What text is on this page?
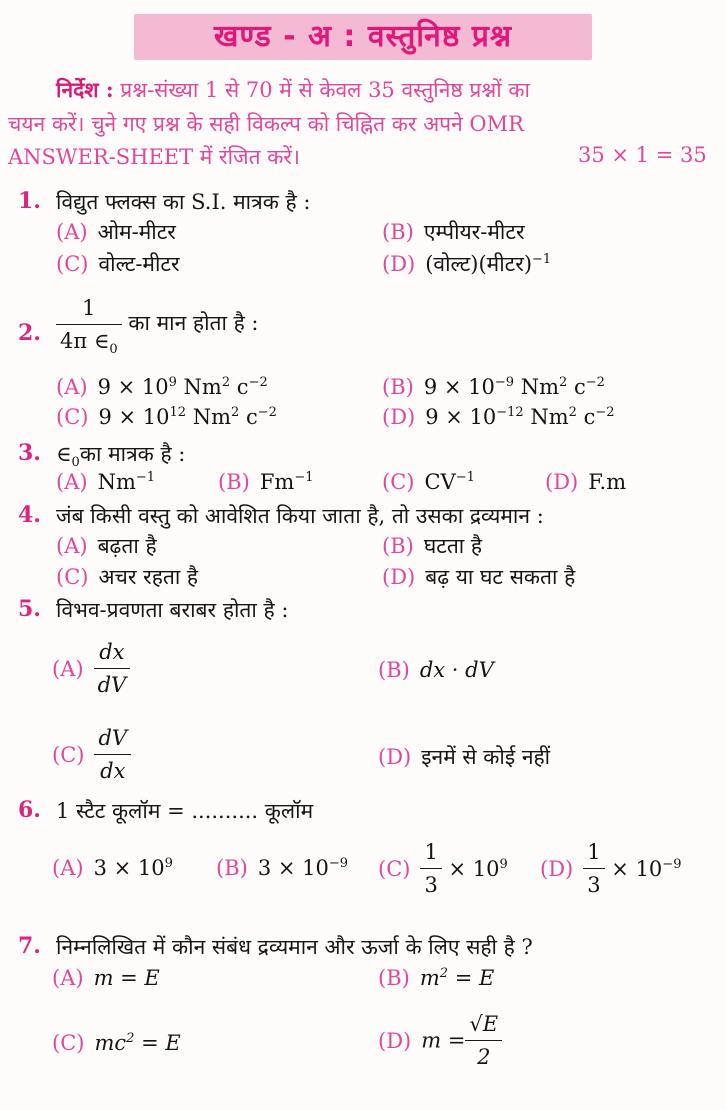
खण्ड - अ : वस्तुनिष्ठ प्रश्न
निर्देश : प्रश्न-संख्या 1 से 70 में से केवल 35 वस्तुनिष्ठ प्रश्नों का
चयन करें। चुने गए प्रश्न के सही विकल्प को चिह्नित कर अपने OMR
ANSWER-SHEET में रंजित करें।	35 × 1 = 35
1. विद्युत फ्लक्स का S.I. मात्रक है :
(A) ओम-मीटर	(B) एम्पीयर-मीटर
(C) वोल्ट-मीटर	(D) (वोल्ट)(मीटर)$^{-1}$
2. $\frac{1}{4\pi \in_0}$ का मान होता है :
(A) $9 \times 10^9$ Nm$^2$ $c^{-2}$	(B) $9 \times 10^{-9}$ Nm$^2$ $c^{-2}$
(C) $9 \times 10^{12}$ Nm$^2$ $c^{-2}$	(D) $9 \times 10^{-12}$ Nm$^2$ $c^{-2}$
3. $\in_0का$ मात्रक है :
(A) $Nm^{-1}$	(B) $Fm^{-1}$	(C) $CV^{-1}$	(D) F.m
4. जंब किसी वस्तु को आवेशित किया जाता है, तो उसका द्रव्यमान :
(A) बढ़ता है	(B) घटता है
(C) अचर रहता है	(D) बढ़ या घट सकता है
5. विभव-प्रवणता बराबर होता है :
$(A) \frac{dx}{dV}$	(B) dx · dV
$(C) \frac{dV}{dx}$	(D) इनमें से कोई नहीं
6. 1 स्टैट कूलॉम = .......... कूलॉम
(A) $3 \times 10^9$ (B) $3 \times 10^{-9}$ $(C) \frac{1}{3} \times 10^9$ $(D) \frac{1}{3} \times 10^{-9}$
7. निम्नलिखित में कौन संबंध द्रव्यमान और ऊर्जा के लिए सही है ?
(A) m = E	(B) $m^2 = E$
(C) $mc^2 = E$	(D) $m = \frac{√E}{2}$
